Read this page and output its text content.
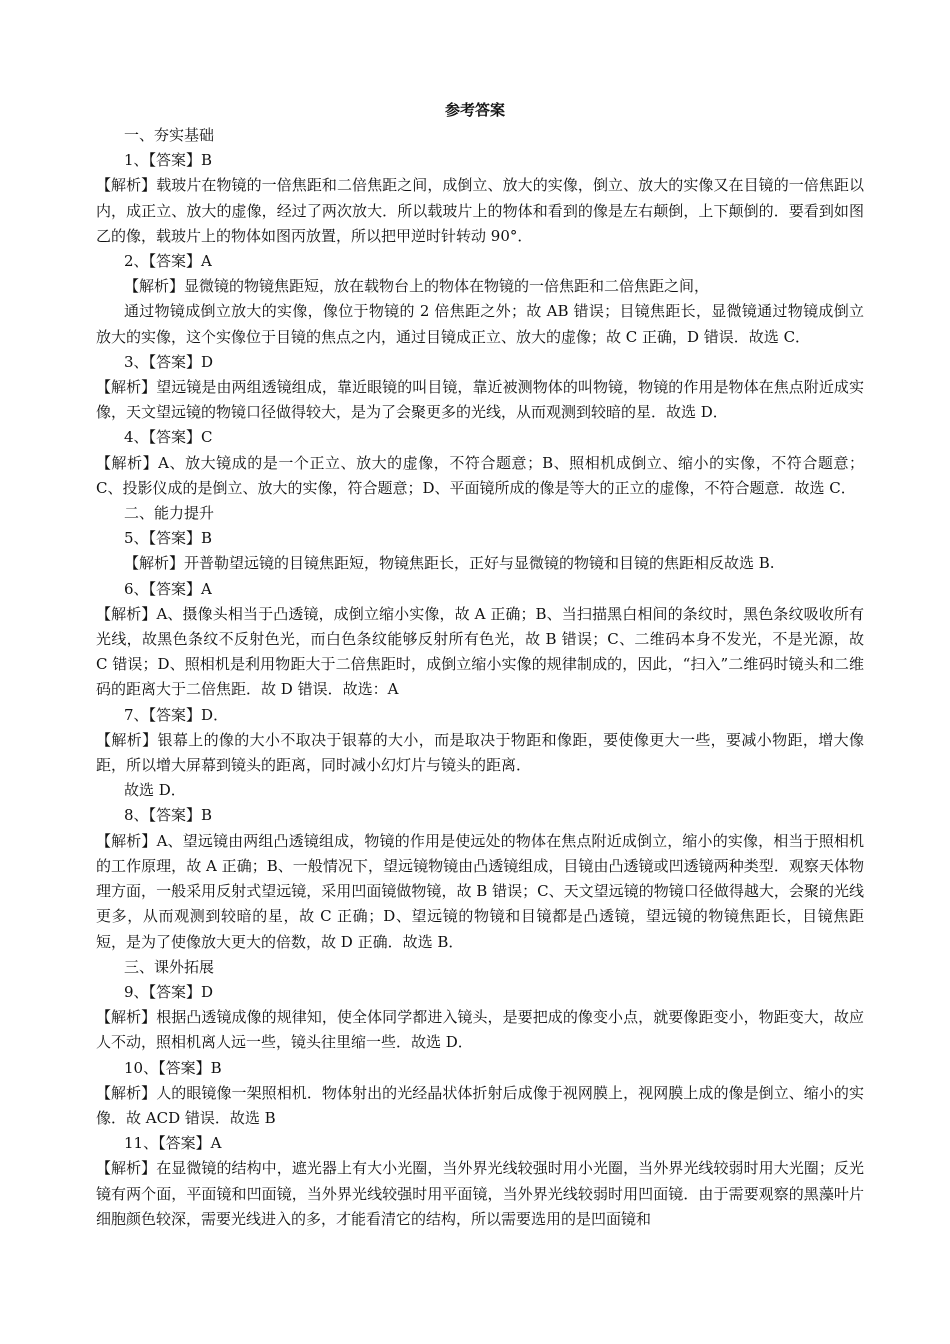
参考答案

一、夯实基础

1、【答案】B

【解析】载玻片在物镜的一倍焦距和二倍焦距之间，成倒立、放大的实像，倒立、放大的实像又在目镜的一倍焦距以内，成正立、放大的虚像，经过了两次放大．所以载玻片上的物体和看到的像是左右颠倒，上下颠倒的．要看到如图乙的像，载玻片上的物体如图丙放置，所以把甲逆时针转动 90°．

2、【答案】A

【解析】显微镜的物镜焦距短，放在载物台上的物体在物镜的一倍焦距和二倍焦距之间，

通过物镜成倒立放大的实像，像位于物镜的 2 倍焦距之外；故 AB 错误；目镜焦距长，显微镜通过物镜成倒立放大的实像，这个实像位于目镜的焦点之内，通过目镜成正立、放大的虚像；故 C 正确，D 错误．故选 C．

3、【答案】D

【解析】望远镜是由两组透镜组成，靠近眼镜的叫目镜，靠近被测物体的叫物镜，物镜的作用是物体在焦点附近成实像，天文望远镜的物镜口径做得较大，是为了会聚更多的光线，从而观测到较暗的星．故选 D．

4、【答案】C

【解析】A、放大镜成的是一个正立、放大的虚像，不符合题意；B、照相机成倒立、缩小的实像，不符合题意；C、投影仪成的是倒立、放大的实像，符合题意；D、平面镜所成的像是等大的正立的虚像，不符合题意．故选 C．

二、能力提升

5、【答案】B

【解析】开普勒望远镜的目镜焦距短，物镜焦距长，正好与显微镜的物镜和目镜的焦距相反故选 B.

6、【答案】A

【解析】A、摄像头相当于凸透镜，成倒立缩小实像，故 A 正确；B、当扫描黑白相间的条纹时，黑色条纹吸收所有光线，故黑色条纹不反射色光，而白色条纹能够反射所有色光，故 B 错误；C、二维码本身不发光，不是光源，故 C 错误；D、照相机是利用物距大于二倍焦距时，成倒立缩小实像的规律制成的，因此，“扫入”二维码时镜头和二维码的距离大于二倍焦距．故 D 错误．故选：A

7、【答案】D．

【解析】银幕上的像的大小不取决于银幕的大小，而是取决于物距和像距，要使像更大一些，要减小物距，增大像距，所以增大屏幕到镜头的距离，同时减小幻灯片与镜头的距离．

故选 D．

8、【答案】B

【解析】A、望远镜由两组凸透镜组成，物镜的作用是使远处的物体在焦点附近成倒立，缩小的实像，相当于照相机的工作原理，故 A 正确；B、一般情况下，望远镜物镜由凸透镜组成，目镜由凸透镜或凹透镜两种类型．观察天体物理方面，一般采用反射式望远镜，采用凹面镜做物镜，故 B 错误；C、天文望远镜的物镜口径做得越大，会聚的光线更多，从而观测到较暗的星，故 C 正确；D、望远镜的物镜和目镜都是凸透镜，望远镜的物镜焦距长，目镜焦距短，是为了使像放大更大的倍数，故 D 正确．故选 B．

三、课外拓展

9、【答案】D

【解析】根据凸透镜成像的规律知，使全体同学都进入镜头，是要把成的像变小点，就要像距变小，物距变大，故应人不动，照相机离人远一些，镜头往里缩一些．故选 D．

10、【答案】B

【解析】人的眼镜像一架照相机．物体射出的光经晶状体折射后成像于视网膜上，视网膜上成的像是倒立、缩小的实像．故 ACD 错误．故选 B

11、【答案】A

【解析】在显微镜的结构中，遮光器上有大小光圈，当外界光线较强时用小光圈，当外界光线较弱时用大光圈；反光镜有两个面，平面镜和凹面镜，当外界光线较强时用平面镜，当外界光线较弱时用凹面镜．由于需要观察的黑藻叶片细胞颜色较深，需要光线进入的多，才能看清它的结构，所以需要选用的是凹面镜和
